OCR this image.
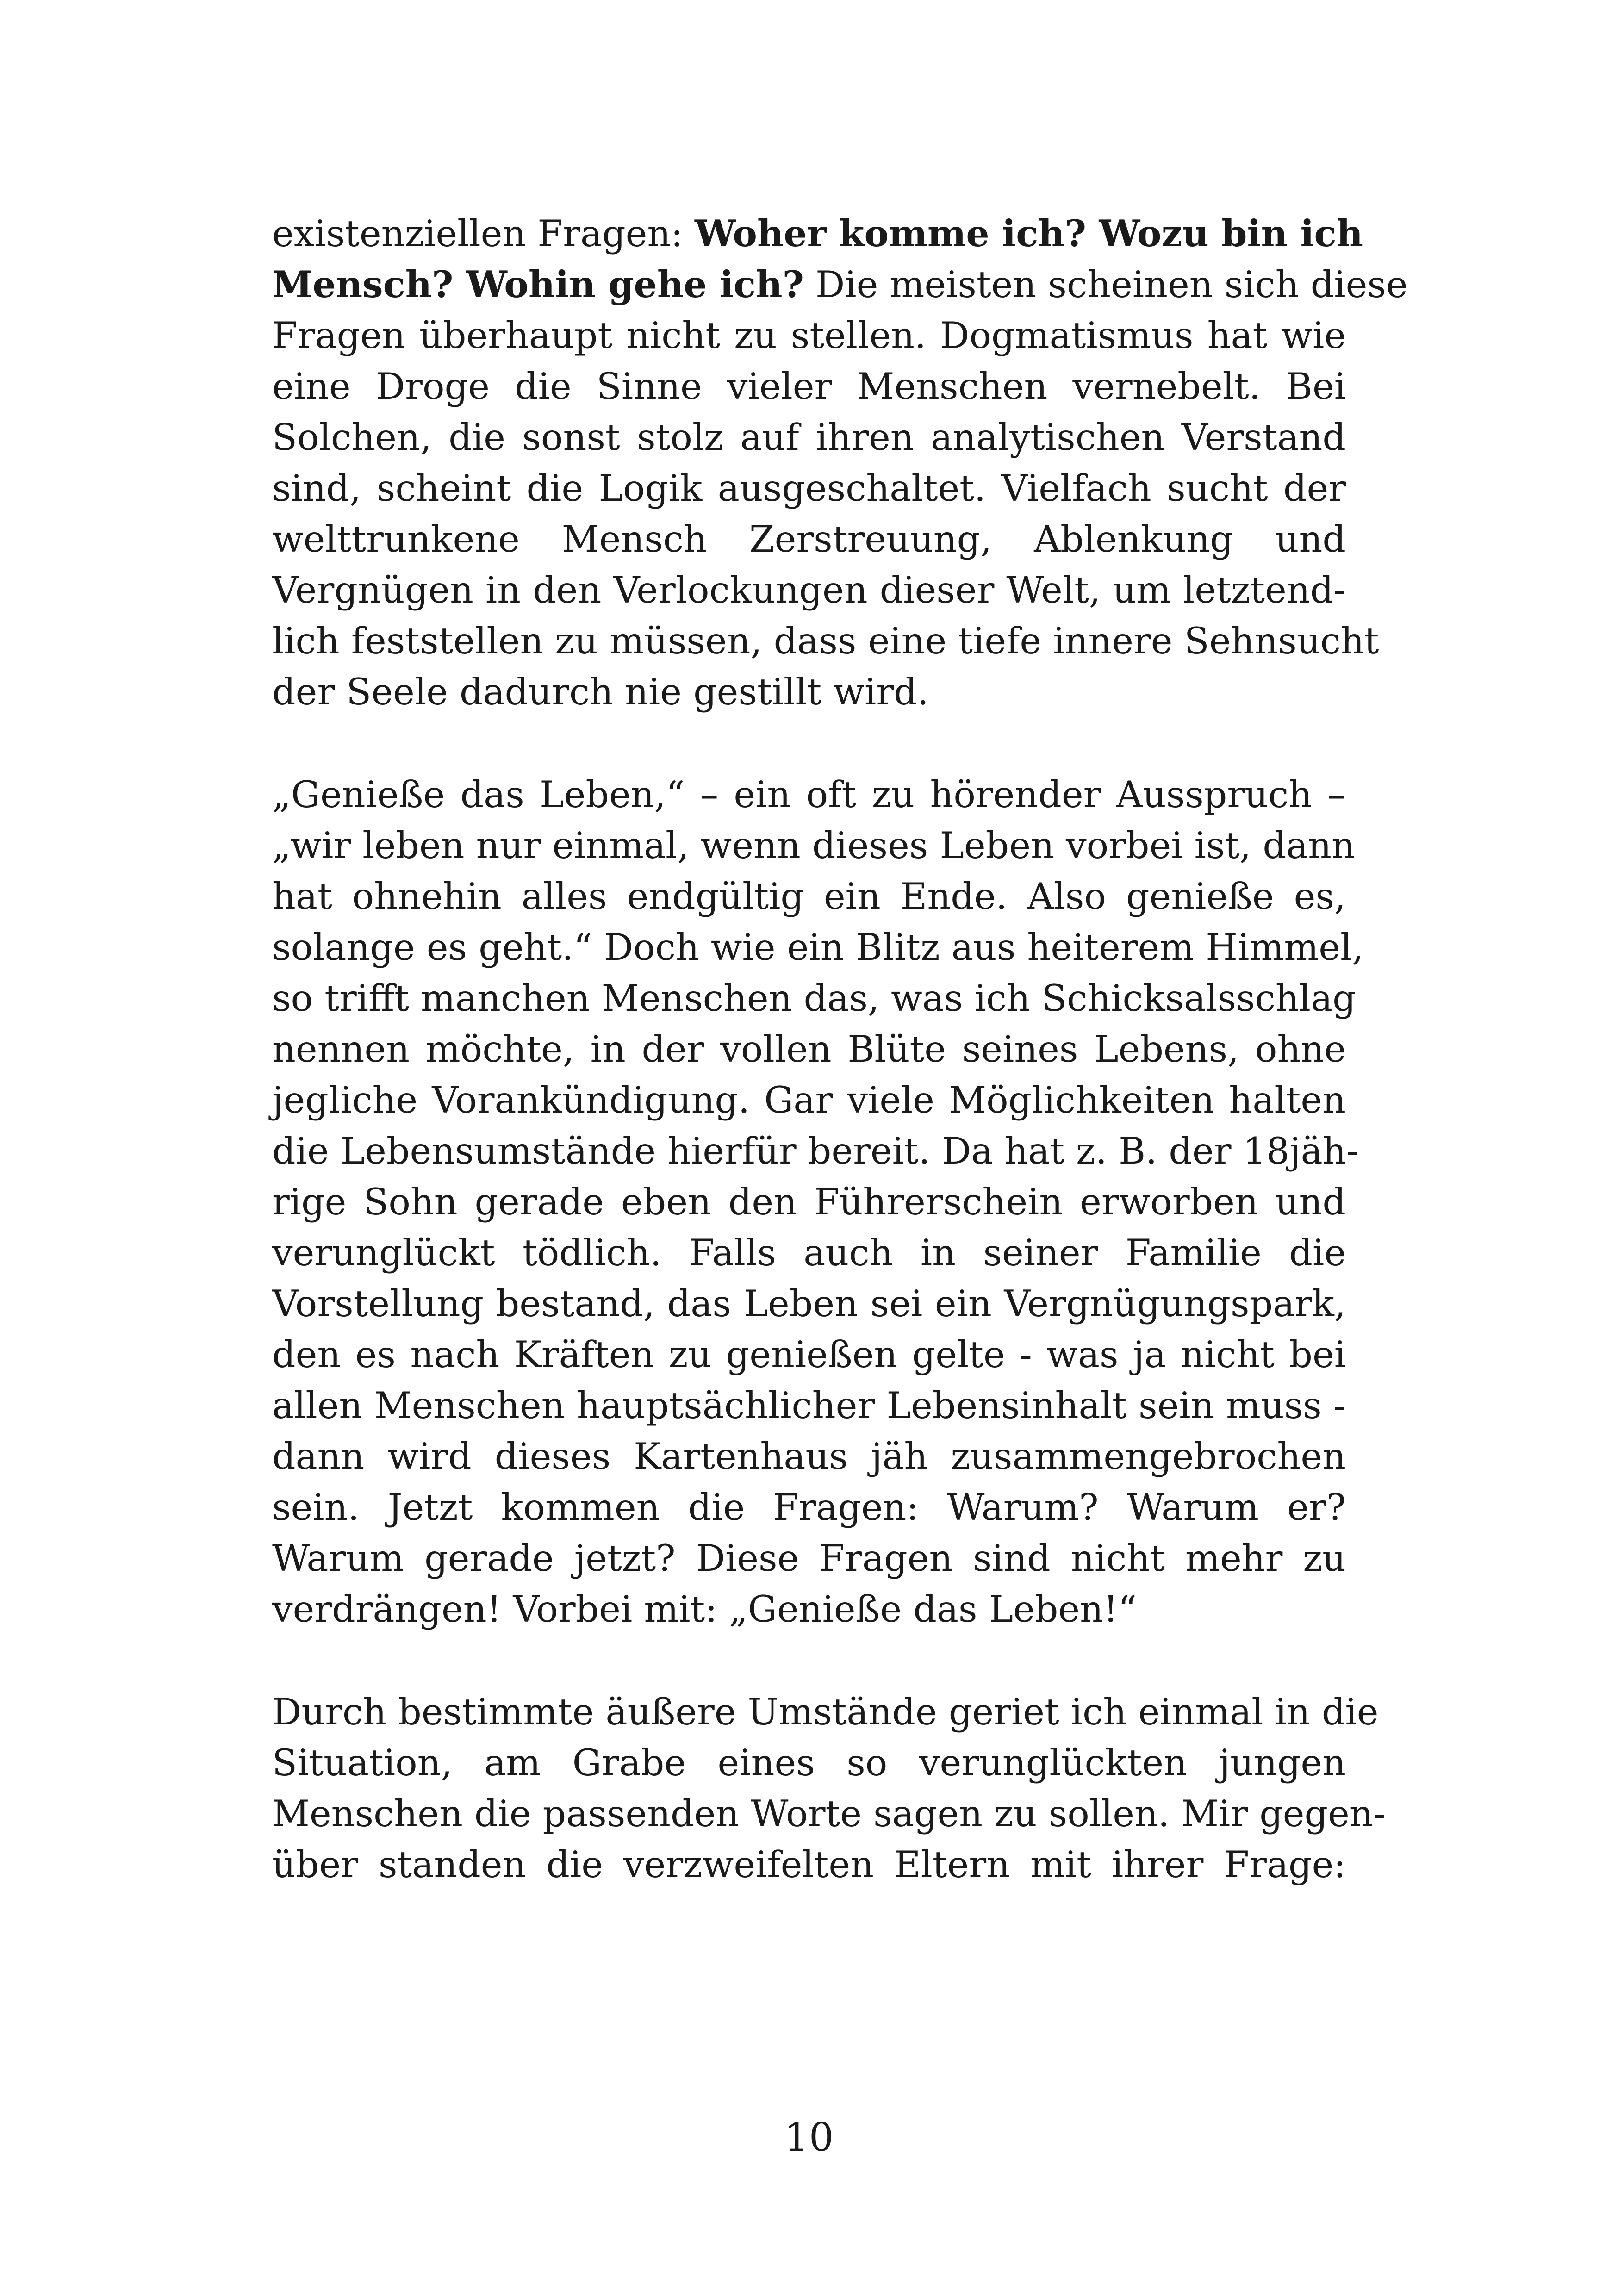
existenziellen Fragen: Woher komme ich? Wozu bin ich
Mensch? Wohin gehe ich? Die meisten scheinen sich diese
Fragen überhaupt nicht zu stellen. Dogmatismus hat wie
eine Droge die Sinne vieler Menschen vernebelt. Bei
Solchen, die sonst stolz auf ihren analytischen Verstand
sind, scheint die Logik ausgeschaltet. Vielfach sucht der
welttrunkene Mensch Zerstreuung, Ablenkung und
Vergnügen in den Verlockungen dieser Welt, um letztend-
lich feststellen zu müssen, dass eine tiefe innere Sehnsucht
der Seele dadurch nie gestillt wird.

„Genieße das Leben,“ – ein oft zu hörender Ausspruch –
„wir leben nur einmal, wenn dieses Leben vorbei ist, dann
hat ohnehin alles endgültig ein Ende. Also genieße es,
solange es geht.“ Doch wie ein Blitz aus heiterem Himmel,
so trifft manchen Menschen das, was ich Schicksalsschlag
nennen möchte, in der vollen Blüte seines Lebens, ohne
jegliche Vorankündigung. Gar viele Möglichkeiten halten
die Lebensumstände hierfür bereit. Da hat z. B. der 18jäh-
rige Sohn gerade eben den Führerschein erworben und
verunglückt tödlich. Falls auch in seiner Familie die
Vorstellung bestand, das Leben sei ein Vergnügungspark,
den es nach Kräften zu genießen gelte - was ja nicht bei
allen Menschen hauptsächlicher Lebensinhalt sein muss -
dann wird dieses Kartenhaus jäh zusammengebrochen
sein. Jetzt kommen die Fragen: Warum? Warum er?
Warum gerade jetzt? Diese Fragen sind nicht mehr zu
verdrängen! Vorbei mit: „Genieße das Leben!“

Durch bestimmte äußere Umstände geriet ich einmal in die
Situation, am Grabe eines so verunglückten jungen
Menschen die passenden Worte sagen zu sollen. Mir gegen-
über standen die verzweifelten Eltern mit ihrer Frage:

10
